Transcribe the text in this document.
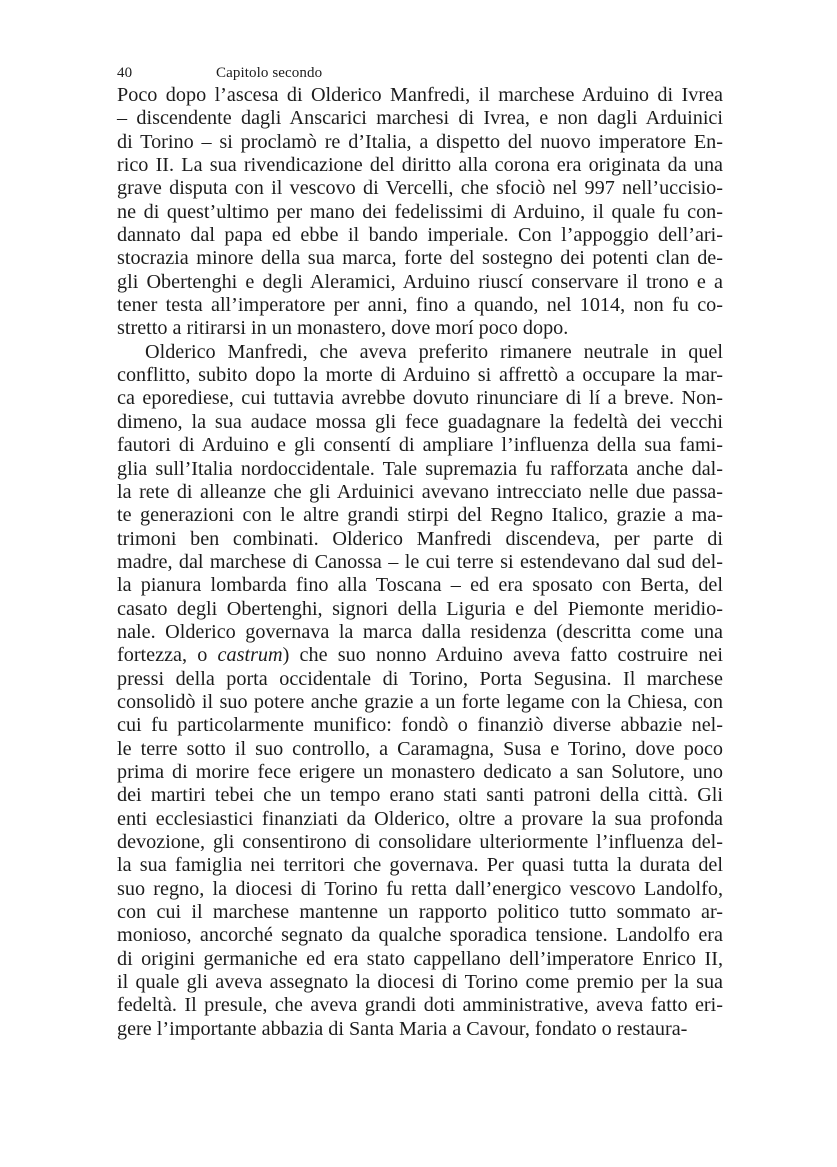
40	Capitolo secondo
Poco dopo l’ascesa di Olderico Manfredi, il marchese Arduino di Ivrea
– discendente dagli Anscarici marchesi di Ivrea, e non dagli Arduinici
di Torino – si proclamò re d’Italia, a dispetto del nuovo imperatore En-
rico II. La sua rivendicazione del diritto alla corona era originata da una
grave disputa con il vescovo di Vercelli, che sfociò nel 997 nell’uccisio-
ne di quest’ultimo per mano dei fedelissimi di Arduino, il quale fu con-
dannato dal papa ed ebbe il bando imperiale. Con l’appoggio dell’ari-
stocrazia minore della sua marca, forte del sostegno dei potenti clan de-
gli Obertenghi e degli Aleramici, Arduino riuscí conservare il trono e a
tener testa all’imperatore per anni, fino a quando, nel 1014, non fu co-
stretto a ritirarsi in un monastero, dove morí poco dopo.
Olderico Manfredi, che aveva preferito rimanere neutrale in quel
conflitto, subito dopo la morte di Arduino si affrettò a occupare la mar-
ca eporediese, cui tuttavia avrebbe dovuto rinunciare di lí a breve. Non-
dimeno, la sua audace mossa gli fece guadagnare la fedeltà dei vecchi
fautori di Arduino e gli consentí di ampliare l’influenza della sua fami-
glia sull’Italia nordoccidentale. Tale supremazia fu rafforzata anche dal-
la rete di alleanze che gli Arduinici avevano intrecciato nelle due passa-
te generazioni con le altre grandi stirpi del Regno Italico, grazie a ma-
trimoni ben combinati. Olderico Manfredi discendeva, per parte di
madre, dal marchese di Canossa – le cui terre si estendevano dal sud del-
la pianura lombarda fino alla Toscana – ed era sposato con Berta, del
casato degli Obertenghi, signori della Liguria e del Piemonte meridio-
nale. Olderico governava la marca dalla residenza (descritta come una
fortezza, o castrum) che suo nonno Arduino aveva fatto costruire nei
pressi della porta occidentale di Torino, Porta Segusina. Il marchese
consolidò il suo potere anche grazie a un forte legame con la Chiesa, con
cui fu particolarmente munifico: fondò o finanziò diverse abbazie nel-
le terre sotto il suo controllo, a Caramagna, Susa e Torino, dove poco
prima di morire fece erigere un monastero dedicato a san Solutore, uno
dei martiri tebei che un tempo erano stati santi patroni della città. Gli
enti ecclesiastici finanziati da Olderico, oltre a provare la sua profonda
devozione, gli consentirono di consolidare ulteriormente l’influenza del-
la sua famiglia nei territori che governava. Per quasi tutta la durata del
suo regno, la diocesi di Torino fu retta dall’energico vescovo Landolfo,
con cui il marchese mantenne un rapporto politico tutto sommato ar-
monioso, ancorché segnato da qualche sporadica tensione. Landolfo era
di origini germaniche ed era stato cappellano dell’imperatore Enrico II,
il quale gli aveva assegnato la diocesi di Torino come premio per la sua
fedeltà. Il presule, che aveva grandi doti amministrative, aveva fatto eri-
gere l’importante abbazia di Santa Maria a Cavour, fondato o restaura-
